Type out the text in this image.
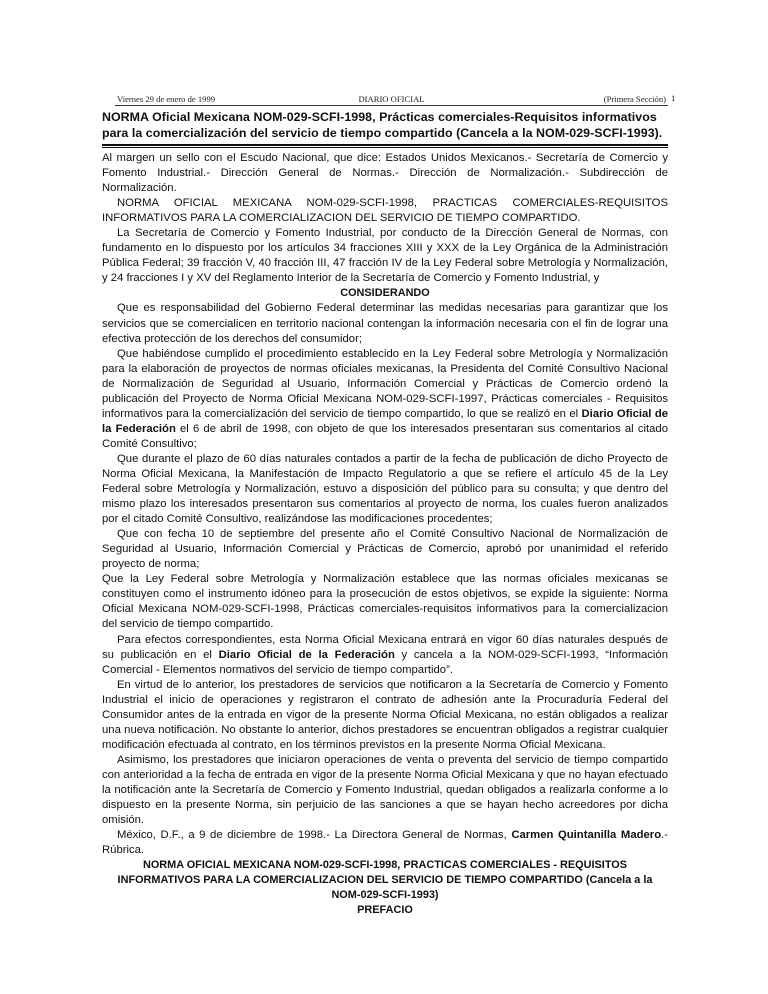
Viernes 29 de enero de 1999	DIARIO OFICIAL	(Primera Sección)
NORMA Oficial Mexicana NOM-029-SCFI-1998, Prácticas comerciales-Requisitos informativos para la comercialización del servicio de tiempo compartido (Cancela a la NOM-029-SCFI-1993).

Al margen un sello con el Escudo Nacional, que dice: Estados Unidos Mexicanos.- Secretaría de Comercio y Fomento Industrial.- Dirección General de Normas.- Dirección de Normalización.- Subdirección de Normalización.

NORMA OFICIAL MEXICANA NOM-029-SCFI-1998, PRACTICAS COMERCIALES-REQUISITOS INFORMATIVOS PARA LA COMERCIALIZACION DEL SERVICIO DE TIEMPO COMPARTIDO.

La Secretaría de Comercio y Fomento Industrial, por conducto de la Dirección General de Normas, con fundamento en lo dispuesto por los artículos 34 fracciones XIII y XXX de la Ley Orgánica de la Administración Pública Federal; 39 fracción V, 40 fracción III, 47 fracción IV de la Ley Federal sobre Metrología y Normalización, y 24 fracciones I y XV del Reglamento Interior de la Secretaría de Comercio y Fomento Industrial, y

CONSIDERANDO

Que es responsabilidad del Gobierno Federal determinar las medidas necesarias para garantizar que los servicios que se comercialicen en territorio nacional contengan la información necesaria con el fin de lograr una efectiva protección de los derechos del consumidor;

Que habiéndose cumplido el procedimiento establecido en la Ley Federal sobre Metrología y Normalización para la elaboración de proyectos de normas oficiales mexicanas, la Presidenta del Comité Consultivo Nacional de Normalización de Seguridad al Usuario, Información Comercial y Prácticas de Comercio ordenó la publicación del Proyecto de Norma Oficial Mexicana NOM-029-SCFI-1997, Prácticas comerciales - Requisitos informativos para la comercialización del servicio de tiempo compartido, lo que se realizó en el Diario Oficial de la Federación el 6 de abril de 1998, con objeto de que los interesados presentaran sus comentarios al citado Comité Consultivo;

Que durante el plazo de 60 días naturales contados a partir de la fecha de publicación de dicho Proyecto de Norma Oficial Mexicana, la Manifestación de Impacto Regulatorio a que se refiere el artículo 45 de la Ley Federal sobre Metrología y Normalización, estuvo a disposición del público para su consulta; y que dentro del mismo plazo los interesados presentaron sus comentarios al proyecto de norma, los cuales fueron analizados por el citado Comité Consultivo, realizándose las modificaciones procedentes;

Que con fecha 10 de septiembre del presente año el Comité Consultivo Nacional de Normalización de Seguridad al Usuario, Información Comercial y Prácticas de Comercio, aprobó por unanimidad el referido proyecto de norma;

Que la Ley Federal sobre Metrología y Normalización establece que las normas oficiales mexicanas se constituyen como el instrumento idóneo para la prosecución de estos objetivos, se expide la siguiente: Norma Oficial Mexicana NOM-029-SCFI-1998, Prácticas comerciales-requisitos informativos para la comercializacion del servicio de tiempo compartido.

Para efectos correspondientes, esta Norma Oficial Mexicana entrará en vigor 60 días naturales después de su publicación en el Diario Oficial de la Federación y cancela a la NOM-029-SCFI-1993, “Información Comercial - Elementos normativos del servicio de tiempo compartido”.

En virtud de lo anterior, los prestadores de servicios que notificaron a la Secretaría de Comercio y Fomento Industrial el inicio de operaciones y registraron el contrato de adhesión ante la Procuraduría Federal del Consumidor antes de la entrada en vigor de la presente Norma Oficial Mexicana, no están obligados a realizar una nueva notificación. No obstante lo anterior, dichos prestadores se encuentran obligados a registrar cualquier modificación efectuada al contrato, en los términos previstos en la presente Norma Oficial Mexicana.

Asimismo, los prestadores que iniciaron operaciones de venta o preventa del servicio de tiempo compartido con anterioridad a la fecha de entrada en vigor de la presente Norma Oficial Mexicana y que no hayan efectuado la notificación ante la Secretaría de Comercio y Fomento Industrial, quedan obligados a realizarla conforme a lo dispuesto en la presente Norma, sin perjuicio de las sanciones a que se hayan hecho acreedores por dicha omisión.

México, D.F., a 9 de diciembre de 1998.- La Directora General de Normas, Carmen Quintanilla Madero.- Rúbrica.

NORMA OFICIAL MEXICANA NOM-029-SCFI-1998, PRACTICAS COMERCIALES - REQUISITOS INFORMATIVOS PARA LA COMERCIALIZACION DEL SERVICIO DE TIEMPO COMPARTIDO (Cancela a la NOM-029-SCFI-1993)
PREFACIO
1
